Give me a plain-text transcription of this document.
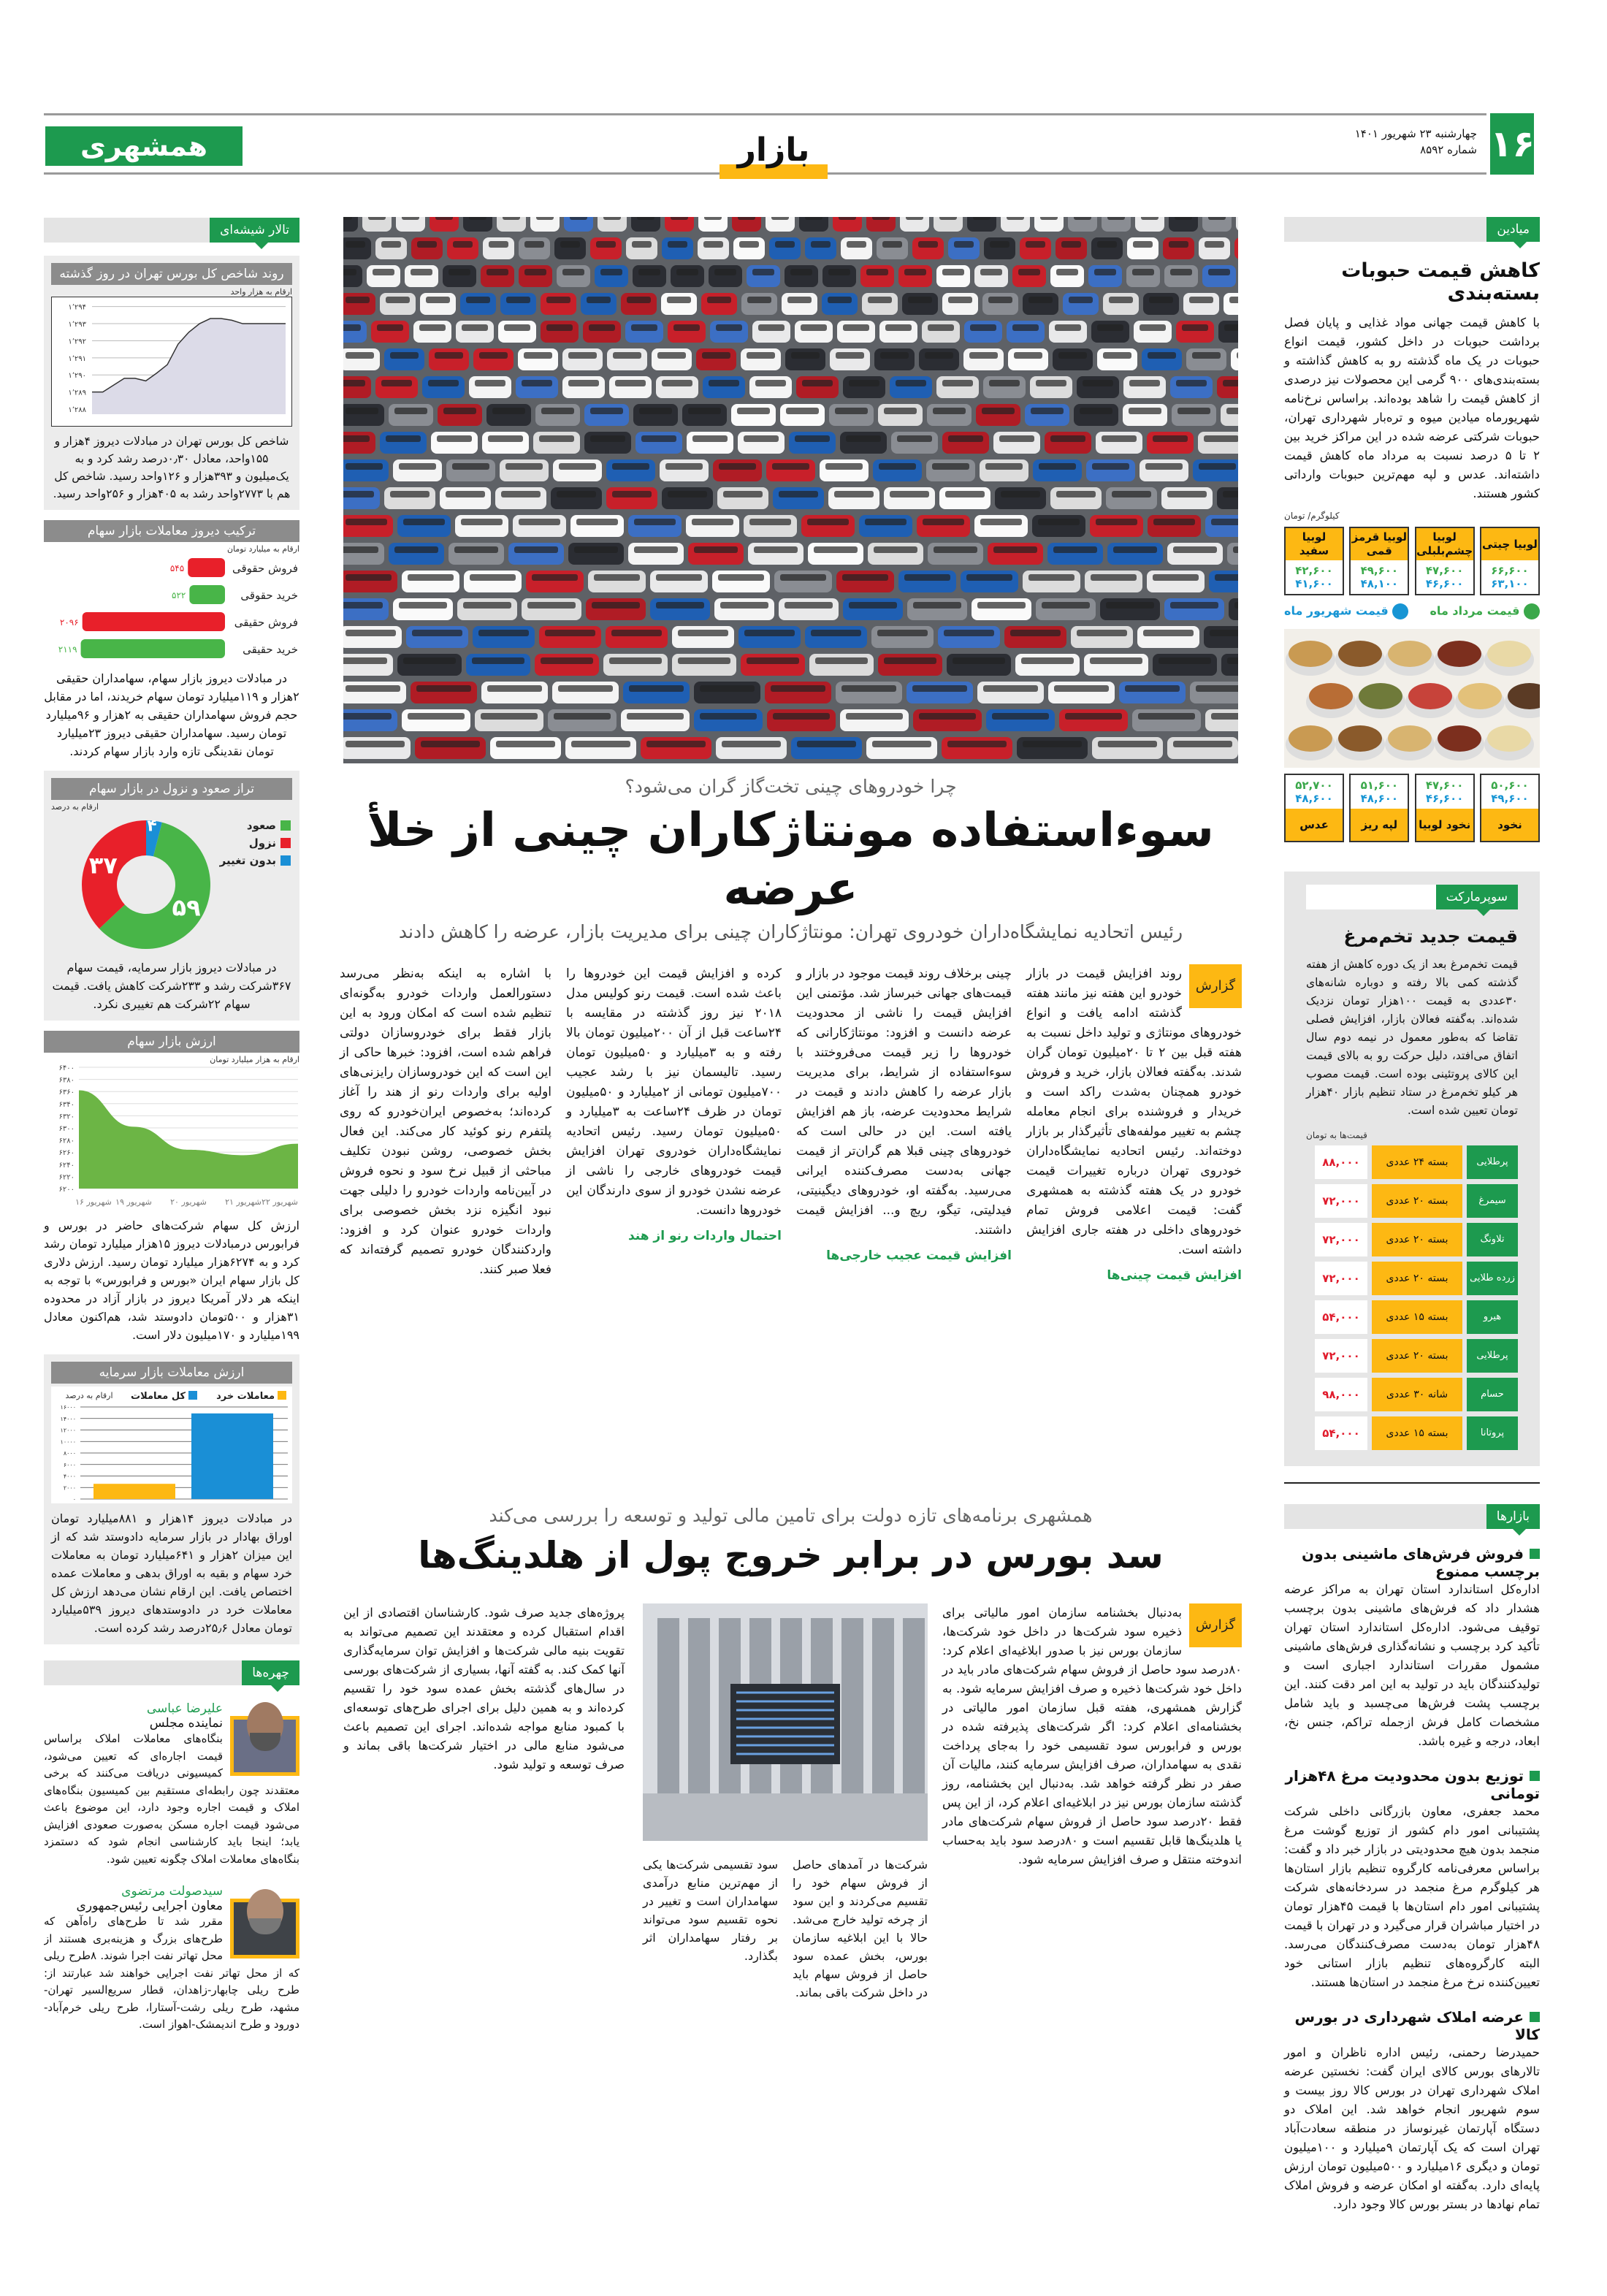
۱۶
چهارشنبه ۲۳ شهریور ۱۴۰۱
شماره ۸۵۹۲
بازار
همشهری
میادین
کاهش قیمت حبوبات بسته‌بندی
با کاهش قیمت جهانی مواد غذایی و پایان فصل برداشت حبوبات در داخل کشور، قیمت انواع حبوبات در یک ماه گذشته رو به کاهش گذاشته و بسته‌بندی‌های ۹۰۰ گرمی این محصولات نیز درصدی از کاهش قیمت را شاهد بوده‌اند. براساس نرخ‌نامه شهریورماه میادین میوه و تره‌بار شهرداری تهران، حبوبات شرکتی عرضه شده در این مراکز خرید بین ۲ تا ۵ درصد نسبت به مرداد ماه کاهش قیمت داشته‌اند. عدس و لپه مهم‌ترین حبوبات وارداتی کشور هستند.
کیلوگرم/ تومان
لوبیا چیتی
۶۶,۶۰۰
۶۳,۱۰۰
لوبیا چشم‌بلبلی
۴۷,۶۰۰
۴۶,۶۰۰
لوبیا قرمز قمی
۴۹,۶۰۰
۴۸,۱۰۰
لوبیا سفید
۴۲,۶۰۰
۴۱,۶۰۰
قیمت مرداد ماه
قیمت شهریور ماه
۵۰,۶۰۰
۴۹,۶۰۰
نخود
۴۷,۶۰۰
۴۶,۶۰۰
نخود لوبیا
۵۱,۶۰۰
۴۸,۶۰۰
لپه ریز
۵۲,۷۰۰
۴۸,۶۰۰
عدس
سوپرمارکت
قیمت جدید تخم‌مرغ
قیمت تخم‌مرغ بعد از یک دوره کاهش از هفته گذشته کمی بالا رفته و دوباره شانه‌های ۳۰عددی به قیمت ۱۰۰هزار تومان نزدیک شده‌اند. به‌گفته فعالان بازار، افزایش فصلی تقاضا که به‌طور معمول در نیمه دوم سال اتفاق می‌افتد، دلیل حرکت رو به بالای قیمت این کالای پروتئینی بوده است. قیمت مصوب هر کیلو تخم‌مرغ در ستاد تنظیم بازار ۴۰هزار تومان تعیین شده است.
قیمت‌ها به تومان
پرطلایی
بسته ۲۴ عددی
۸۸,۰۰۰
سیمرغ
بسته ۲۰ عددی
۷۲,۰۰۰
تلاونگ
بسته ۲۰ عددی
۷۲,۰۰۰
زرده طلایی
بسته ۲۰ عددی
۷۲,۰۰۰
هیرو
بسته ۱۵ عددی
۵۴,۰۰۰
پرطلایی
بسته ۲۰ عددی
۷۲,۰۰۰
حسام
شانه ۳۰ عددی
۹۸,۰۰۰
پروتانا
بسته ۱۵ عددی
۵۴,۰۰۰
بازارها
فروش فرش‌های ماشینی بدون برچسب ممنوع
اداره‌کل استاندارد استان تهران به مراکز عرضه هشدار داد که فرش‌های ماشینی بدون برچسب توقیف می‌شود. اداره‌کل استاندارد استان تهران تأکید کرد برچسب و نشانه‌گذاری فرش‌های ماشینی مشمول مقررات استاندارد اجباری است و تولیدکنندگان باید در تولید به این امر دقت کنند. این برچسب پشت فرش‌ها می‌چسبد و باید شامل مشخصات کامل فرش ازجمله تراکم، جنس نخ، ابعاد، درجه و غیره باشد.
توزیع بدون محدودیت مرغ ۴۸هزار تومانی
محمد جعفری، معاون بازرگانی داخلی شرکت پشتیبانی امور دام کشور از توزیع گوشت مرغ منجمد بدون هیچ محدودیتی در بازار خبر داد و گفت: براساس معرفی‌نامه کارگروه تنظیم بازار استان‌ها هر کیلوگرم مرغ منجمد در سردخانه‌های شرکت پشتیبانی امور دام استان‌ها با قیمت ۴۵هزار تومان در اختیار مباشران قرار می‌گیرد و در تهران با قیمت ۴۸هزار تومان به‌دست مصرف‌کنندگان می‌رسد. البته کارگروه‌های تنظیم بازار استانی خود تعیین‌کننده نرخ مرغ منجمد در استان‌ها هستند.
عرضه املاک شهرداری در بورس کالا
حمیدرضا رحمنی، رئیس اداره ناظران و امور تالارهای بورس کالای ایران گفت: نخستین عرضه املاک شهرداری تهران در بورس کالا روز بیست و سوم شهریور انجام خواهد شد. این املاک دو دستگاه آپارتمان غیرنوساز در منطقه سعادت‌آباد تهران است که یک آپارتمان ۹میلیارد و ۱۰۰میلیون تومان و دیگری ۱۶میلیارد و ۵۰۰میلیون تومان ارزش پایه‌ای دارد. به‌گفته او امکان عرضه و فروش املاک تمام نهادها در بستر بورس کالا وجود دارد.
تالار شیشه‌ای
روند شاخص کل بورس تهران در روز گذشته
ارقام به هزار واحد
۱٬۲۸۸
۱٬۲۸۹
۱٬۲۹۰
۱٬۲۹۱
۱٬۲۹۲
۱٬۲۹۳
۱٬۲۹۴
شاخص کل بورس تهران در مبادلات دیروز ۴هزار و ۱۵۵واحد، معادل ۰٫۳۰درصد رشد کرد و به یک‌میلیون و ۳۹۳هزار و ۱۲۶واحد رسید. شاخص کل هم با ۲۷۷۳واحد رشد به ۴۰۵هزار و ۲۵۶واحد رسید.
ترکیب دیروز معاملات بازار سهام
ارقام به میلیارد تومان
فروش حقوقی
۵۴۵
خرید حقوقی
۵۲۲
فروش حقیقی
۲۰۹۶
خرید حقیقی
۲۱۱۹
در مبادلات دیروز بازار سهام، سهامداران حقیقی ۲هزار و ۱۱۹میلیارد تومان سهام خریدند، اما در مقابل حجم فروش سهامداران حقیقی به ۲هزار و ۹۶میلیارد تومان رسید. سهامداران حقیقی دیروز ۲۳میلیارد تومان نقدینگی تازه وارد بازار سهام کردند.
تراز صعود و نزول در بازار سهام
ارقام به درصد
۴
۵۹
۳۷
صعود
نزول
بدون تغییر
در مبادلات دیروز بازار سرمایه، قیمت سهام ۳۶۷شرکت رشد و ۲۳۳شرکت کاهش یافت. قیمت سهام ۲۲شرکت هم تغییری نکرد.
ارزش بازار سهام
ارقام به هزار میلیارد تومان
۶۲۰۰
۶۲۲۰
۶۲۴۰
۶۲۶۰
۶۲۸۰
۶۳۰۰
۶۳۲۰
۶۳۴۰
۶۳۶۰
۶۳۸۰
۶۴۰۰
۱۶ شهریور ۱۹ شهریور ۲۰ شهریور ۲۱ شهریور ۲۲ شهریور
ارزش کل سهام شرکت‌های حاضر در بورس و فرابورس درمبادلات دیروز ۱۵هزار میلیارد تومان رشد کرد و به ۶۲۷۴هزار میلیارد تومان رسید. ارزش دلاری کل بازار سهام ایران «بورس و فرابورس» با توجه به اینکه هر دلار آمریکا دیروز در بازار آزاد در محدوده ۳۱هزار و ۵۰۰تومان دادوستد شد، هم‌اکنون معادل ۱۹۹میلیارد و ۱۷۰میلیون دلار است.
ارزش معاملات بازار سرمایه
ارقام به درصد	معاملات خرد
کل معاملات
۰
۲۰۰۰
۴۰۰۰
۶۰۰۰
۸۰۰۰
۱۰۰۰۰
۱۲۰۰۰
۱۴۰۰۰
۱۶۰۰۰
در مبادلات دیروز ۱۴هزار و ۸۸۱میلیارد تومان اوراق بهادار در بازار سرمایه دادوستد شد که از این میزان ۲هزار و ۶۴۱میلیارد تومان به معاملات خرد سهام و بقیه به اوراق بدهی و معاملات عمده اختصاص یافت. این ارقام نشان می‌دهد ارزش کل معاملات خرد در دادوستدهای دیروز ۵۳۹میلیارد تومان معادل ۲۵٫۶درصد رشد کرده است.
چهره‌ها
علیرضا عباسی
نماینده مجلس
بنگاه‌های معاملات املاک براساس قیمت اجاره‌ای که تعیین می‌شود، کمیسیونی دریافت می‌کنند که برخی معتقدند چون رابطه‌ای مستقیم بین کمیسیون بنگاه‌های املاک و قیمت اجاره وجود دارد، این موضوع باعث می‌شود قیمت اجاره مسکن به‌صورت صعودی افزایش یابد؛ اینجا باید کارشناسی انجام شود که دستمزد بنگاه‌های معاملات املاک چگونه تعیین شود.
سیدصولت مرتضوی
معاون اجرایی رئیس‌جمهوری
مقرر شد تا طرح‌های راه‌آهن که طرح‌های بزرگ و هزینه‌بری هستند از محل تهاتر نفت اجرا شوند. ۸طرح ریلی که از محل تهاتر نفت اجرایی خواهند شد عبارتند از: طرح ریلی چابهار-زاهدان، قطار سریع‌السیر تهران-مشهد، طرح ریلی رشت-آستارا، طرح ریلی خرم‌آباد-دورود و طرح اندیمشک-اهواز است.
چرا خودروهای چینی تخت‌گاز گران می‌شود؟
سوءاستفاده مونتاژکاران چینی از خلأ عرضه
رئیس اتحادیه نمایشگاه‌داران خودروی تهران: مونتاژکاران چینی برای مدیریت بازار، عرضه را کاهش دادند
گزارش

روند افزایش قیمت در بازار خودرو این هفته نیز مانند هفته گذشته ادامه یافت و انواع خودروهای مونتاژی و تولید داخل نسبت به هفته قبل بین ۲ تا ۲۰میلیون تومان گران شدند. به‌گفته فعالان بازار، خرید و فروش خودرو همچنان به‌شدت راکد است و خریدار و فروشنده برای انجام معامله چشم به تغییر مولفه‌های تأثیرگذار بر بازار دوخته‌اند. رئیس اتحادیه نمایشگاه‌داران خودروی تهران درباره تغییرات قیمت خودرو در یک هفته گذشته به همشهری گفت: قیمت اعلامی فروش تمام خودروهای داخلی در هفته جاری افزایش داشته است.

افزایش قیمت چینی‌ها

چینی برخلاف روند قیمت موجود در بازار و قیمت‌های جهانی خبرساز شد. مؤتمنی این افزایش قیمت را ناشی از محدودیت عرضه دانست و افزود: مونتاژکارانی که خودروها را زیر قیمت می‌فروختند با سوءاستفاده از شرایط، برای مدیریت بازار عرضه را کاهش دادند و قیمت در شرایط محدودیت عرضه، باز هم افزایش یافته است. این در حالی است که خودروهای چینی قبلا هم گران‌تر از قیمت جهانی به‌دست مصرف‌کننده ایرانی می‌رسید. به‌گفته او، خودروهای دیگینیتی، فیدلیتی، تیگو، ریچ و... افزایش قیمت داشتند.

افزایش قیمت عجیب خارجی‌ها

کرده و افزایش قیمت این خودروها را باعث شده است. قیمت رنو کولیس مدل ۲۰۱۸ نیز روز گذشته در مقایسه با ۲۴ساعت قبل از آن ۲۰۰میلیون تومان بالا رفته و به ۳میلیارد و ۵۰میلیون تومان رسید. تالیسمان نیز با رشد عجیب ۷۰۰میلیون تومانی از ۲میلیارد و ۵۰میلیون تومان در ظرف ۲۴ساعت به ۳میلیارد و ۵۰میلیون تومان رسید. رئیس اتحادیه نمایشگاه‌داران خودروی تهران افزایش قیمت خودروهای خارجی را ناشی از عرضه نشدن خودرو از سوی دارندگان این خودروها دانست.

احتمال واردات رنو از هند

با اشاره به اینکه به‌نظر می‌رسد دستورالعمل واردات خودرو به‌گونه‌ای تنظیم شده است که امکان ورود به این بازار فقط برای خودروسازان دولتی فراهم شده است، افزود: خبرها حاکی از این است که این خودروسازان رایزنی‌های اولیه برای واردات رنو از هند را آغاز کرده‌اند؛ به‌خصوص ایران‌خودرو که روی پلتفرم رنو کوئید کار می‌کند. این فعال بخش خصوصی، روشن نبودن تکلیف مباحثی از قبیل نرخ سود و نحوه فروش در آیین‌نامه واردات خودرو را دلیلی جهت نبود انگیزه نزد بخش خصوصی برای واردات خودرو عنوان کرد و افزود: واردکنندگان خودرو تصمیم گرفته‌اند که فعلا صبر کنند.

همشهری برنامه‌های تازه دولت برای تامین مالی تولید و توسعه را بررسی می‌کند
سد بورس در برابر خروج پول از هلدینگ‌ها
گزارش

به‌دنبال بخشنامه سازمان امور مالیاتی برای ذخیره سود شرکت‌ها در داخل خود شرکت‌ها، سازمان بورس نیز با صدور ابلاغیه‌ای اعلام کرد: ۸۰درصد سود حاصل از فروش سهام شرکت‌های مادر باید در داخل خود شرکت‌ها ذخیره و صرف افزایش سرمایه شود. به گزارش همشهری، هفته قبل سازمان امور مالیاتی در بخشنامه‌ای اعلام کرد: اگر شرکت‌های پذیرفته شده در بورس و فرابورس سود تقسیمی خود را به‌جای پرداخت نقدی به سهامداران، صرف افزایش سرمایه کنند، مالیات آن صفر در نظر گرفته خواهد شد. به‌دنبال این بخشنامه، روز گذشته سازمان بورس نیز در ابلاغیه‌ای اعلام کرد، از این پس فقط ۲۰درصد سود حاصل از فروش سهام شرکت‌های مادر یا هلدینگ‌ها قابل تقسیم است و ۸۰درصد سود باید به‌حساب اندوخته منتقل و صرف افزایش سرمایه شود.

شرکت‌ها در آمدهای حاصل از فروش سهام خود را تقسیم می‌کردند و این سود از چرخه تولید خارج می‌شد. حالا با این ابلاغیه سازمان بورس، بخش عمده سود حاصل از فروش سهام باید در داخل شرکت باقی بماند.

سود تقسیمی شرکت‌ها یکی از مهم‌ترین منابع درآمدی سهامداران است و تغییر در نحوه تقسیم سود می‌تواند بر رفتار سهامداران اثر بگذارد.

پروژه‌های جدید صرف شود. کارشناسان اقتصادی از این اقدام استقبال کرده و معتقدند این تصمیم می‌تواند به تقویت بنیه مالی شرکت‌ها و افزایش توان سرمایه‌گذاری آنها کمک کند. به گفته آنها، بسیاری از شرکت‌های بورسی در سال‌های گذشته بخش عمده سود خود را تقسیم کرده‌اند و به همین دلیل برای اجرای طرح‌های توسعه‌ای با کمبود منابع مواجه شده‌اند. اجرای این تصمیم باعث می‌شود منابع مالی در اختیار شرکت‌ها باقی بماند و صرف توسعه و تولید شود.
